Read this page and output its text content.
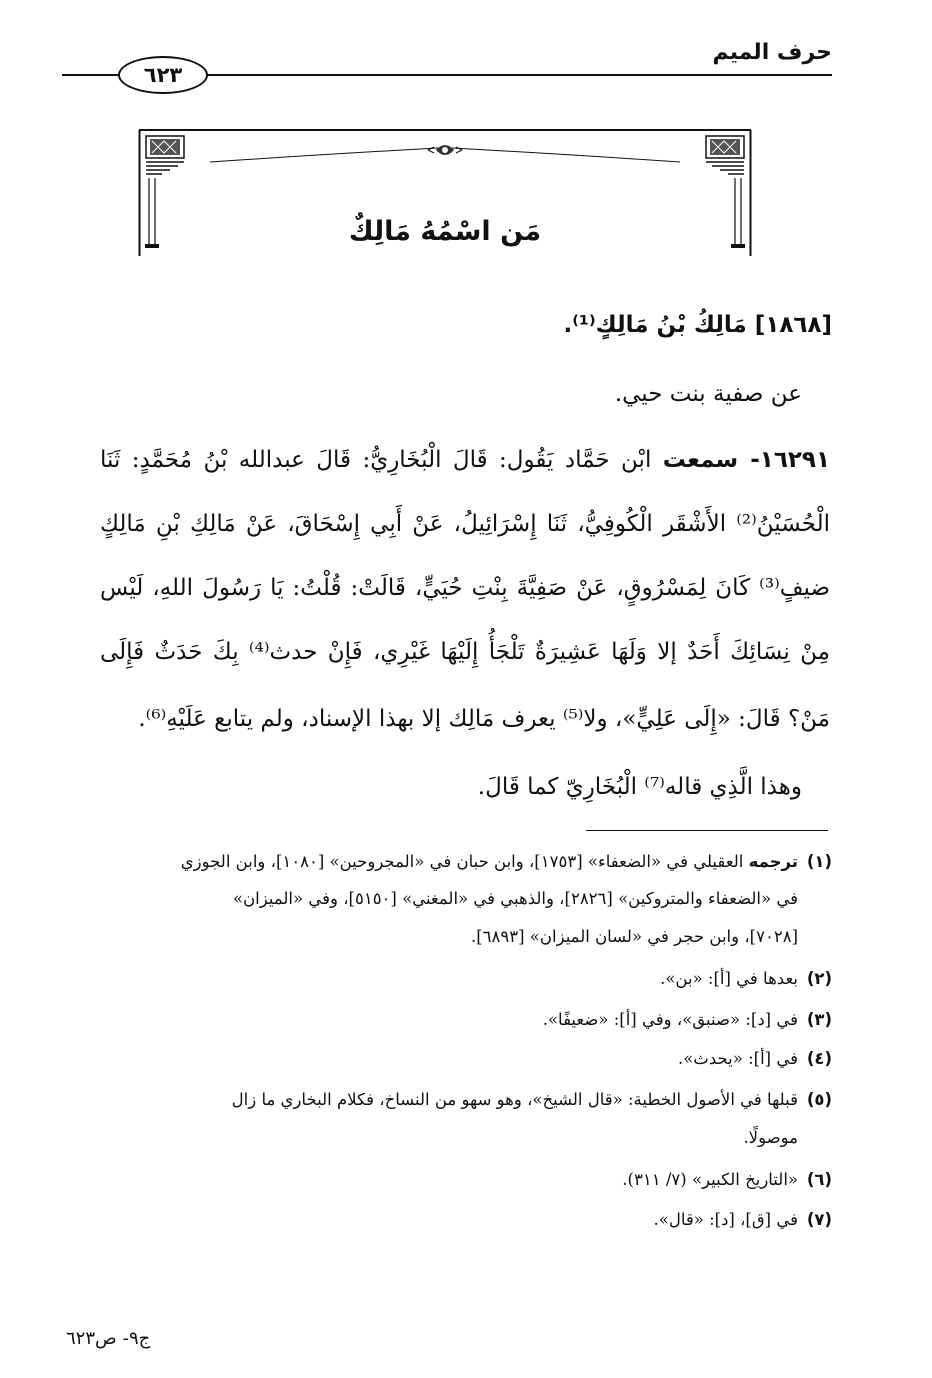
حرف الميم
٦٢٣
مَن اسْمُهُ مَالِكٌ
[١٨٦٨] مَالِكُ بْنُ مَالِكٍ⁽¹⁾.
عن صفية بنت حيي.
١٦٢٩١- سمعت ابْن حَمَّاد يَقُول: قَالَ الْبُخَارِيُّ: قَالَ عبدالله بْنُ مُحَمَّدٍ: ثَنَا
الْحُسَيْنُ⁽²⁾ الأَشْقَر الْكُوفِيُّ، ثَنَا إِسْرَائِيلُ، عَنْ أَبِي إِسْحَاقَ، عَنْ مَالِكِ بْنِ مَالِكٍ
ضيفٍ⁽³⁾ كَانَ لِمَسْرُوقٍ، عَنْ صَفِيَّةَ بِنْتِ حُيَيٍّ، قَالَتْ: قُلْتُ: يَا رَسُولَ اللهِ، لَيْس
مِنْ نِسَائِكَ أَحَدٌ إلا وَلَهَا عَشِيرَةٌ تَلْجَأُ إِلَيْهَا غَيْرِي، فَإِنْ حدث⁽⁴⁾ بِكَ حَدَثٌ فَإِلَى
مَنْ؟ قَالَ: «إِلَى عَلِيٍّ»، ولا⁽⁵⁾ يعرف مَالِك إلا بهذا الإسناد، ولم يتابع عَلَيْهِ⁽⁶⁾.
وهذا الَّذِي قاله⁽⁷⁾ الْبُخَارِيّ كما قَالَ.
(١)ترجمه العقيلي في «الضعفاء» [١٧٥٣]، وابن حبان في «المجروحين» [١٠٨٠]، وابن الجوزي
في «الضعفاء والمتروكين» [٢٨٢٦]، والذهبي في «المغني» [٥١٥٠]، وفي «الميزان»
[٧٠٢٨]، وابن حجر في «لسان الميزان» [٦٨٩٣].
(٢)بعدها في [أ]: «بن».
(٣)في [د]: «صنبق»، وفي [أ]: «ضعيفًا».
(٤)في [أ]: «يحدث».
(٥)قبلها في الأصول الخطية: «قال الشيخ»، وهو سهو من النساخ، فكلام البخاري ما زال
موصولًا.
(٦)«التاريخ الكبير» (٧/ ٣١١).
(٧)في [ق]، [د]: «قال».
ج٩- ص٦٢٣
